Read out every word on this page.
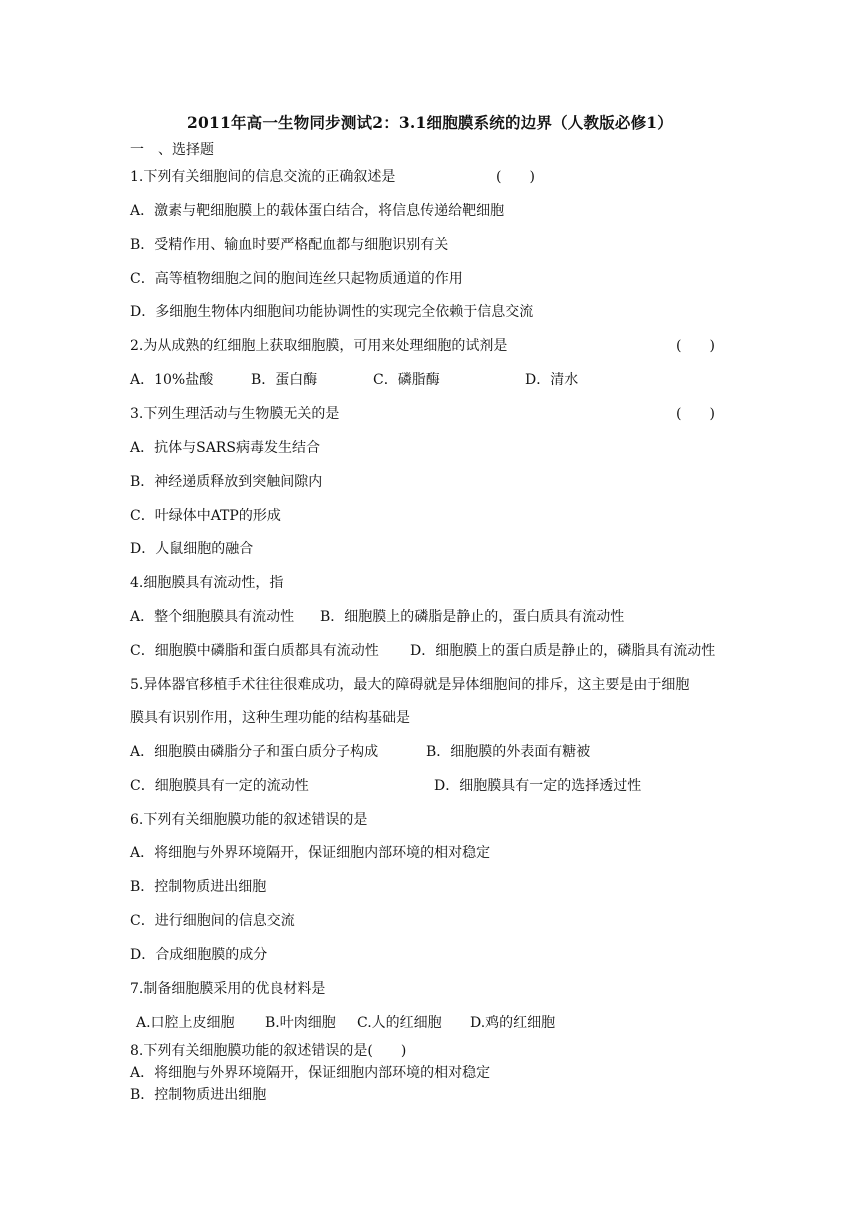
2011年高一生物同步测试2：3.1细胞膜系统的边界（人教版必修1）
一　、选择题
1.下列有关细胞间的信息交流的正确叙述是	(　　)
A．激素与靶细胞膜上的载体蛋白结合，将信息传递给靶细胞
B．受精作用、输血时要严格配血都与细胞识别有关
C．高等植物细胞之间的胞间连丝只起物质通道的作用
D．多细胞生物体内细胞间功能协调性的实现完全依赖于信息交流
2.为从成熟的红细胞上获取细胞膜，可用来处理细胞的试剂是	(　　)
A．10%盐酸	B．蛋白酶	C．磷脂酶	D．清水
3.下列生理活动与生物膜无关的是	(　　)
A．抗体与SARS病毒发生结合
B．神经递质释放到突触间隙内
C．叶绿体中ATP的形成
D．人鼠细胞的融合
4.细胞膜具有流动性，指
A．整个细胞膜具有流动性 B．细胞膜上的磷脂是静止的，蛋白质具有流动性
C．细胞膜中磷脂和蛋白质都具有流动性 D．细胞膜上的蛋白质是静止的，磷脂具有流动性
5.异体器官移植手术往往很难成功，最大的障碍就是异体细胞间的排斥，这主要是由于细胞
膜具有识别作用，这种生理功能的结构基础是
A．细胞膜由磷脂分子和蛋白质分子构成	B．细胞膜的外表面有糖被
C．细胞膜具有一定的流动性	D．细胞膜具有一定的选择透过性
6.下列有关细胞膜功能的叙述错误的是
A．将细胞与外界环境隔开，保证细胞内部环境的相对稳定
B．控制物质进出细胞
C．进行细胞间的信息交流
D．合成细胞膜的成分
7.制备细胞膜采用的优良材料是
A.口腔上皮细胞 B.叶肉细胞 C.人的红细胞 D.鸡的红细胞
8.下列有关细胞膜功能的叙述错误的是(　　)
A．将细胞与外界环境隔开，保证细胞内部环境的相对稳定
B．控制物质进出细胞
